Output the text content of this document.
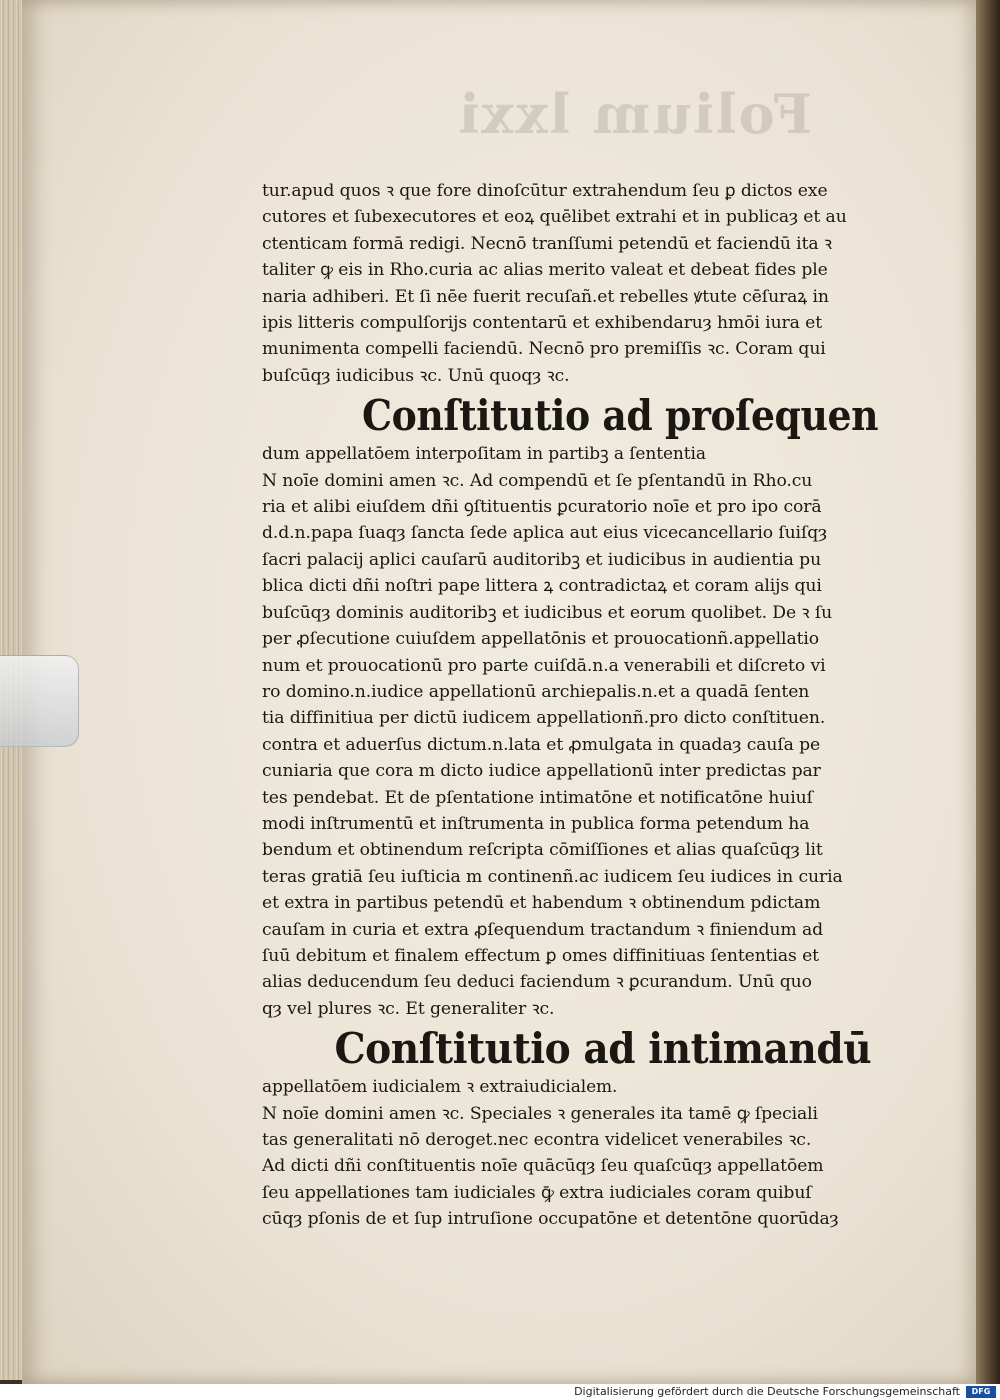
Folium lxxi
tur.apud quos ꝛ que fore dinoſcūtur extrahendum ſeu ꝑ dictos exe
cutores et ſubexecutores et eoꝝ quēlibet extrahi et in publicaȝ et au
ctenticam formā redigi. Necnō tranſſumi petendū et faciendū ita ꝛ
taliter ꝙ eis in Rho.curia ac alias merito valeat et debeat fides ple
naria adhiberi. Et ſi nēe fuerit recuſañ.et rebelles ꝟtute cēſuraꝝ in
ipis litteris compulſorijs contentarū et exhibendaruȝ hmōi iura et
munimenta compelli faciendū. Necnō pro premiſſis ꝛc. Coram qui
buſcūqȝ iudicibus ꝛc. Unū quoqȝ ꝛc.
Conſtitutio ad proſequen
dum appellatōem interpoſitam in partibꝫ a ſententia
N noīe domini amen ꝛc. Ad compendū et ſe pſentandū in Rho.cu
ria et alibi eiuſdem dñi ꝯſtituentis ꝑcuratorio noīe et pro ipo corā
d.d.n.papa ſuaqȝ ſancta ſede aplica aut eius vicecancellario ſuiſqȝ
ſacri palacij aplici cauſarū auditoribꝫ et iudicibus in audientia pu
blica dicti dñi noſtri pape littera ꝝ contradictaꝝ et coram alijs qui
buſcūqȝ dominis auditoribꝫ et iudicibus et eorum quolibet. De ꝛ ſu
per ꝓſecutione cuiuſdem appellatōnis et prouocationñ.appellatio
num et prouocationū pro parte cuiſdā.n.a venerabili et diſcreto vi
ro domino.n.iudice appellationū archiepalis.n.et a quadā ſenten
tia diffinitiua per dictū iudicem appellationñ.pro dicto conſtituen.
contra et aduerſus dictum.n.lata et ꝓmulgata in quadaȝ cauſa pe
cuniaria que cora m dicto iudice appellationū inter predictas par
tes pendebat. Et de pſentatione intimatōne et notificatōne huiuſ
modi inſtrumentū et inſtrumenta in publica forma petendum ha
bendum et obtinendum reſcripta cōmiſſiones et alias quaſcūqȝ lit
teras gratiā ſeu iuſticia m continenñ.ac iudicem ſeu iudices in curia
et extra in partibus petendū et habendum ꝛ obtinendum pdictam
cauſam in curia et extra ꝓſequendum tractandum ꝛ finiendum ad
ſuū debitum et finalem effectum ꝑ omes diffinitiuas ſententias et
alias deducendum ſeu deduci faciendum ꝛ ꝑcurandum. Unū quo
qȝ vel plures ꝛc. Et generaliter ꝛc.
Conſtitutio ad intimandū
appellatōem iudicialem ꝛ extraiudicialem.
N noīe domini amen ꝛc. Speciales ꝛ generales ita tamē ꝙ ſpeciali
tas generalitati nō deroget.nec econtra videlicet venerabiles ꝛc.
Ad dicti dñi conſtituentis noīe quācūqȝ ſeu quaſcūqȝ appellatōem
ſeu appellationes tam iudiciales ꝙ̄ extra iudiciales coram quibuſ
cūqȝ pſonis de et ſup intruſione occupatōne et detentōne quorūdaȝ
Digitalisierung gefördert durch die Deutsche Forschungsgemeinschaft	DFG
